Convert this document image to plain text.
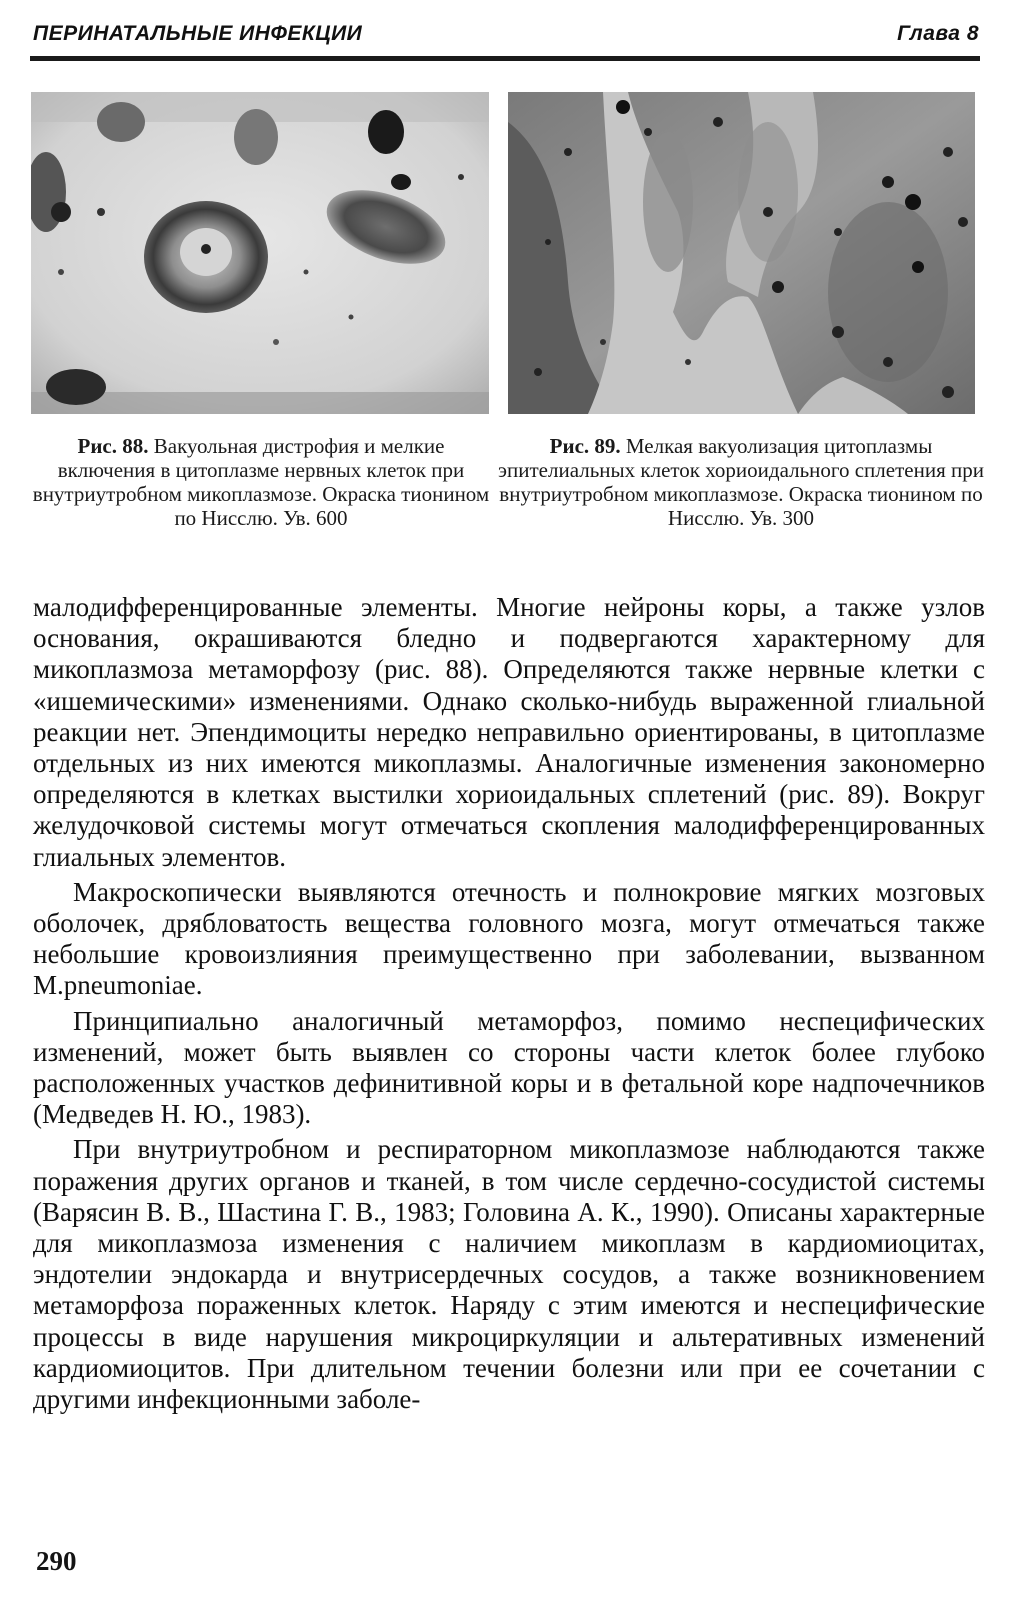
ПЕРИНАТАЛЬНЫЕ ИНФЕКЦИИ	Глава 8
Рис. 88. Вакуольная дистрофия и мелкие включения в цитоплазме нервных клеток при внутриутробном микоплазмозе. Окраска тионином по Нисслю. Ув. 600
Рис. 89. Мелкая вакуолизация цитоплазмы эпителиальных клеток хориоидального сплетения при внутриутробном микоплазмозе. Окраска тионином по Нисслю. Ув. 300

малодифференцированные элементы. Многие нейроны коры, а также узлов основания, окрашиваются бледно и подвергаются характерному для микоплазмоза метаморфозу (рис. 88). Определяются также нервные клетки с «ишемическими» изменениями. Однако сколько-нибудь выраженной глиальной реакции нет. Эпендимоциты нередко неправильно ориентированы, в цитоплазме отдельных из них имеются микоплазмы. Аналогичные изменения закономерно определяются в клетках выстилки хориоидальных сплетений (рис. 89). Вокруг желудочковой системы могут отмечаться скопления малодифференцированных глиальных элементов.

Макроскопически выявляются отечность и полнокровие мягких мозговых оболочек, дрябловатость вещества головного мозга, могут отмечаться также небольшие кровоизлияния преимущественно при заболевании, вызванном M.pneumoniae.

Принципиально аналогичный метаморфоз, помимо неспецифических изменений, может быть выявлен со стороны части клеток более глубоко расположенных участков дефинитивной коры и в фетальной коре надпочечников (Медведев Н. Ю., 1983).

При внутриутробном и респираторном микоплазмозе наблюдаются также поражения других органов и тканей, в том числе сердечно-сосудистой системы (Варясин В. В., Шастина Г. В., 1983; Головина А. К., 1990). Описаны характерные для микоплазмоза изменения с наличием микоплазм в кардиомиоцитах, эндотелии эндокарда и внутрисердечных сосудов, а также возникновением метаморфоза пораженных клеток. Наряду с этим имеются и неспецифические процессы в виде нарушения микроциркуляции и альтеративных изменений кардиомиоцитов. При длительном течении болезни или при ее сочетании с другими инфекционными заболе-

290
